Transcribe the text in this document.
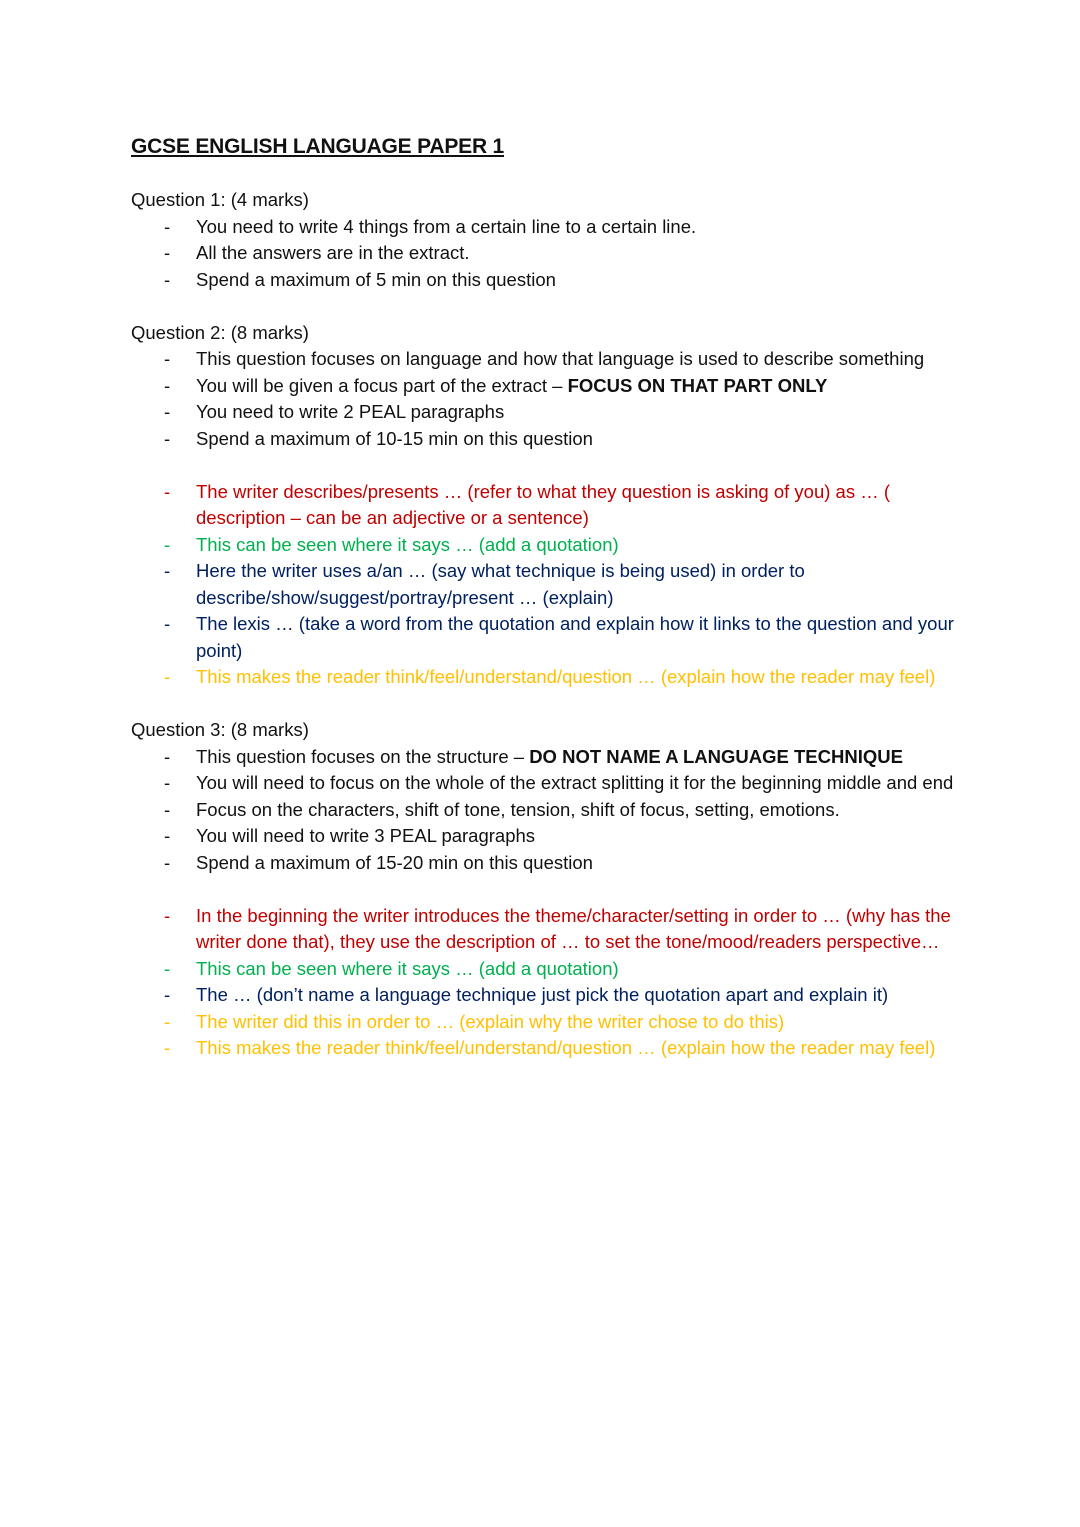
GCSE ENGLISH LANGUAGE PAPER 1

Question 1: (4 marks)

- You need to write 4 things from a certain line to a certain line.
- All the answers are in the extract.
- Spend a maximum of 5 min on this question

Question 2: (8 marks)

- This question focuses on language and how that language is used to describe something
- You will be given a focus part of the extract – FOCUS ON THAT PART ONLY
- You need to write 2 PEAL paragraphs
- Spend a maximum of 10-15 min on this question
- The writer describes/presents … (refer to what they question is asking of you) as … ( description – can be an adjective or a sentence)
- This can be seen where it says … (add a quotation)
- Here the writer uses a/an … (say what technique is being used) in order to describe/show/suggest/portray/present … (explain)
- The lexis … (take a word from the quotation and explain how it links to the question and your point)
- This makes the reader think/feel/understand/question … (explain how the reader may feel)

Question 3: (8 marks)

- This question focuses on the structure – DO NOT NAME A LANGUAGE TECHNIQUE
- You will need to focus on the whole of the extract splitting it for the beginning middle and end
- Focus on the characters, shift of tone, tension, shift of focus, setting, emotions.
- You will need to write 3 PEAL paragraphs
- Spend a maximum of 15-20 min on this question
- In the beginning the writer introduces the theme/character/setting in order to … (why has the writer done that), they use the description of … to set the tone/mood/readers perspective…
- This can be seen where it says … (add a quotation)
- The … (don’t name a language technique just pick the quotation apart and explain it)
- The writer did this in order to … (explain why the writer chose to do this)
- This makes the reader think/feel/understand/question … (explain how the reader may feel)
